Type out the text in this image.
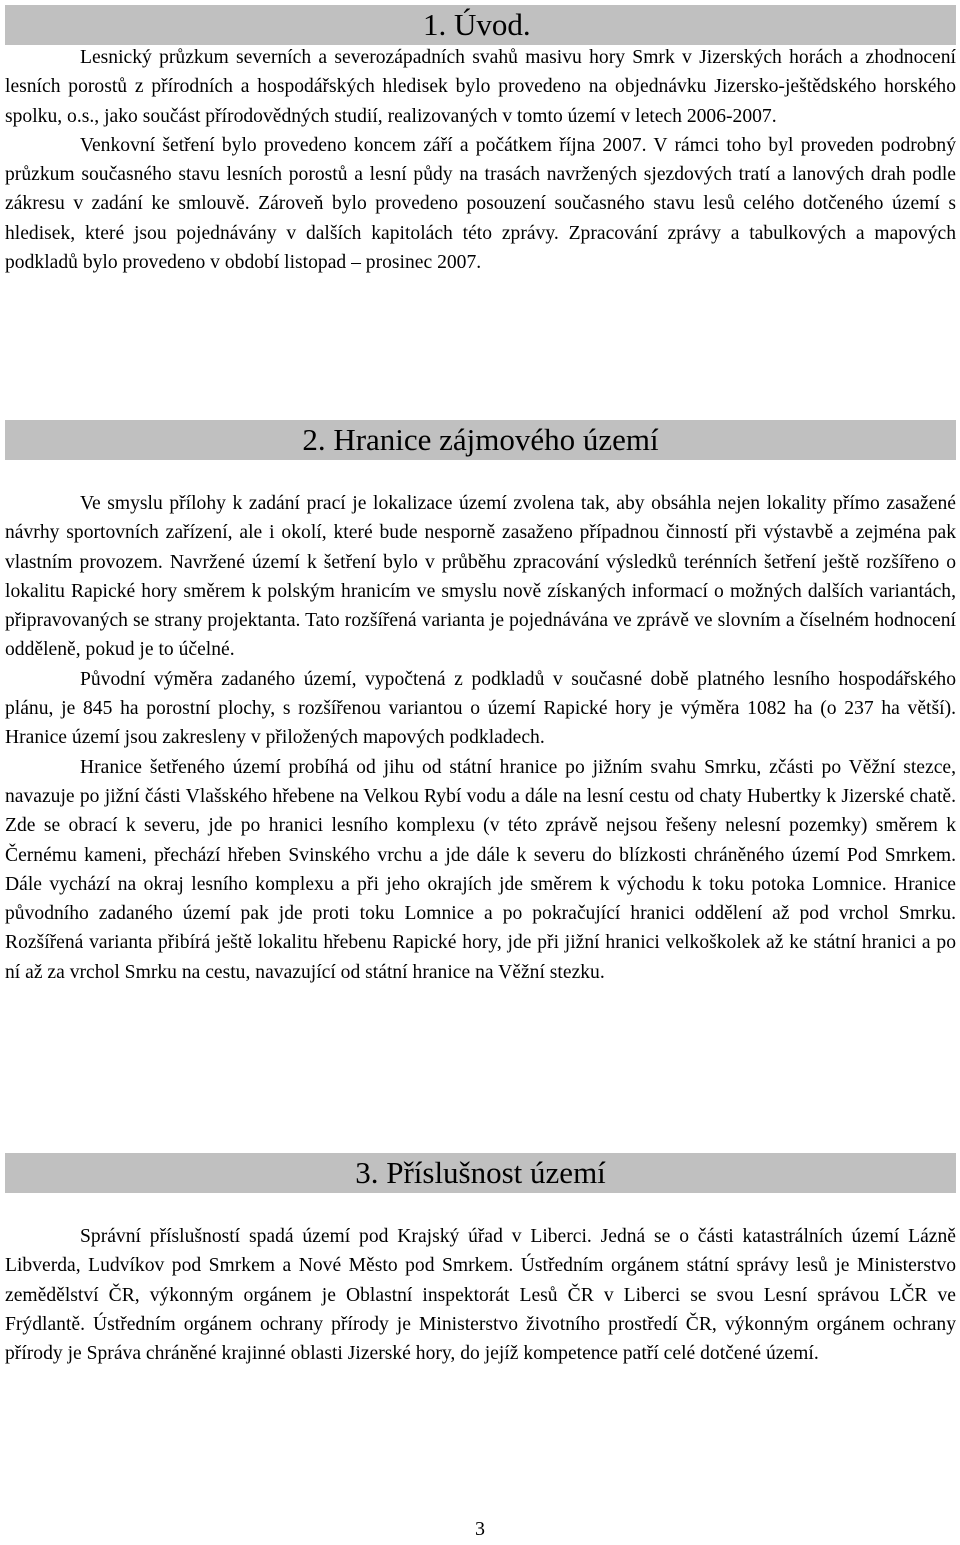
1. Úvod.

Lesnický průzkum severních a severozápadních svahů masivu hory Smrk v Jizerských horách a zhodnocení lesních porostů z přírodních a hospodářských hledisek bylo provedeno na objednávku Jizersko-ještědského horského spolku, o.s., jako součást přírodovědných studií, realizovaných v tomto území v letech 2006-2007.

Venkovní šetření bylo provedeno koncem září a počátkem října 2007. V rámci toho byl proveden podrobný průzkum současného stavu lesních porostů a lesní půdy na trasách navržených sjezdových tratí a lanových drah podle zákresu v zadání ke smlouvě. Zároveň bylo provedeno posouzení současného stavu lesů celého dotčeného území s hledisek, které jsou pojednávány v dalších kapitolách této zprávy. Zpracování zprávy a tabulkových a mapových podkladů bylo provedeno v období listopad – prosinec 2007.

2. Hranice zájmového území

Ve smyslu přílohy k zadání prací je lokalizace území zvolena tak, aby obsáhla nejen lokality přímo zasažené návrhy sportovních zařízení, ale i okolí, které bude nesporně zasaženo případnou činností při výstavbě a zejména pak vlastním provozem. Navržené území k šetření bylo v průběhu zpracování výsledků terénních šetření ještě rozšířeno o lokalitu Rapické hory směrem k polským hranicím ve smyslu nově získaných informací o možných dalších variantách, připravovaných se strany projektanta. Tato rozšířená varianta je pojednávána ve zprávě ve slovním a číselném hodnocení odděleně, pokud je to účelné.

Původní výměra zadaného území, vypočtená z podkladů v současné době platného lesního hospodářského plánu, je 845 ha porostní plochy, s rozšířenou variantou o území Rapické hory je výměra 1082 ha (o 237 ha větší). Hranice území jsou zakresleny v přiložených mapových podkladech.

Hranice šetřeného území probíhá od jihu od státní hranice po jižním svahu Smrku, zčásti po Věžní stezce, navazuje po jižní části Vlašského hřebene na Velkou Rybí vodu a dále na lesní cestu od chaty Hubertky k Jizerské chatě. Zde se obrací k severu, jde po hranici lesního komplexu (v této zprávě nejsou řešeny nelesní pozemky) směrem k Černému kameni, přechází hřeben Svinského vrchu a jde dále k severu do blízkosti chráněného území Pod Smrkem. Dále vychází na okraj lesního komplexu a při jeho okrajích jde směrem k východu k toku potoka Lomnice. Hranice původního zadaného území pak jde proti toku Lomnice a po pokračující hranici oddělení až pod vrchol Smrku. Rozšířená varianta přibírá ještě lokalitu hřebenu Rapické hory, jde při jižní hranici velkoškolek až ke státní hranici a po ní až za vrchol Smrku na cestu, navazující od státní hranice na Věžní stezku.

3. Příslušnost území

Správní příslušností spadá území pod Krajský úřad v Liberci. Jedná se o části katastrálních území Lázně Libverda, Ludvíkov pod Smrkem a Nové Město pod Smrkem. Ústředním orgánem státní správy lesů je Ministerstvo zemědělství ČR, výkonným orgánem je Oblastní inspektorát Lesů ČR v Liberci se svou Lesní správou LČR ve Frýdlantě. Ústředním orgánem ochrany přírody je Ministerstvo životního prostředí ČR, výkonným orgánem ochrany přírody je Správa chráněné krajinné oblasti Jizerské hory, do jejíž kompetence patří celé dotčené území.

3
